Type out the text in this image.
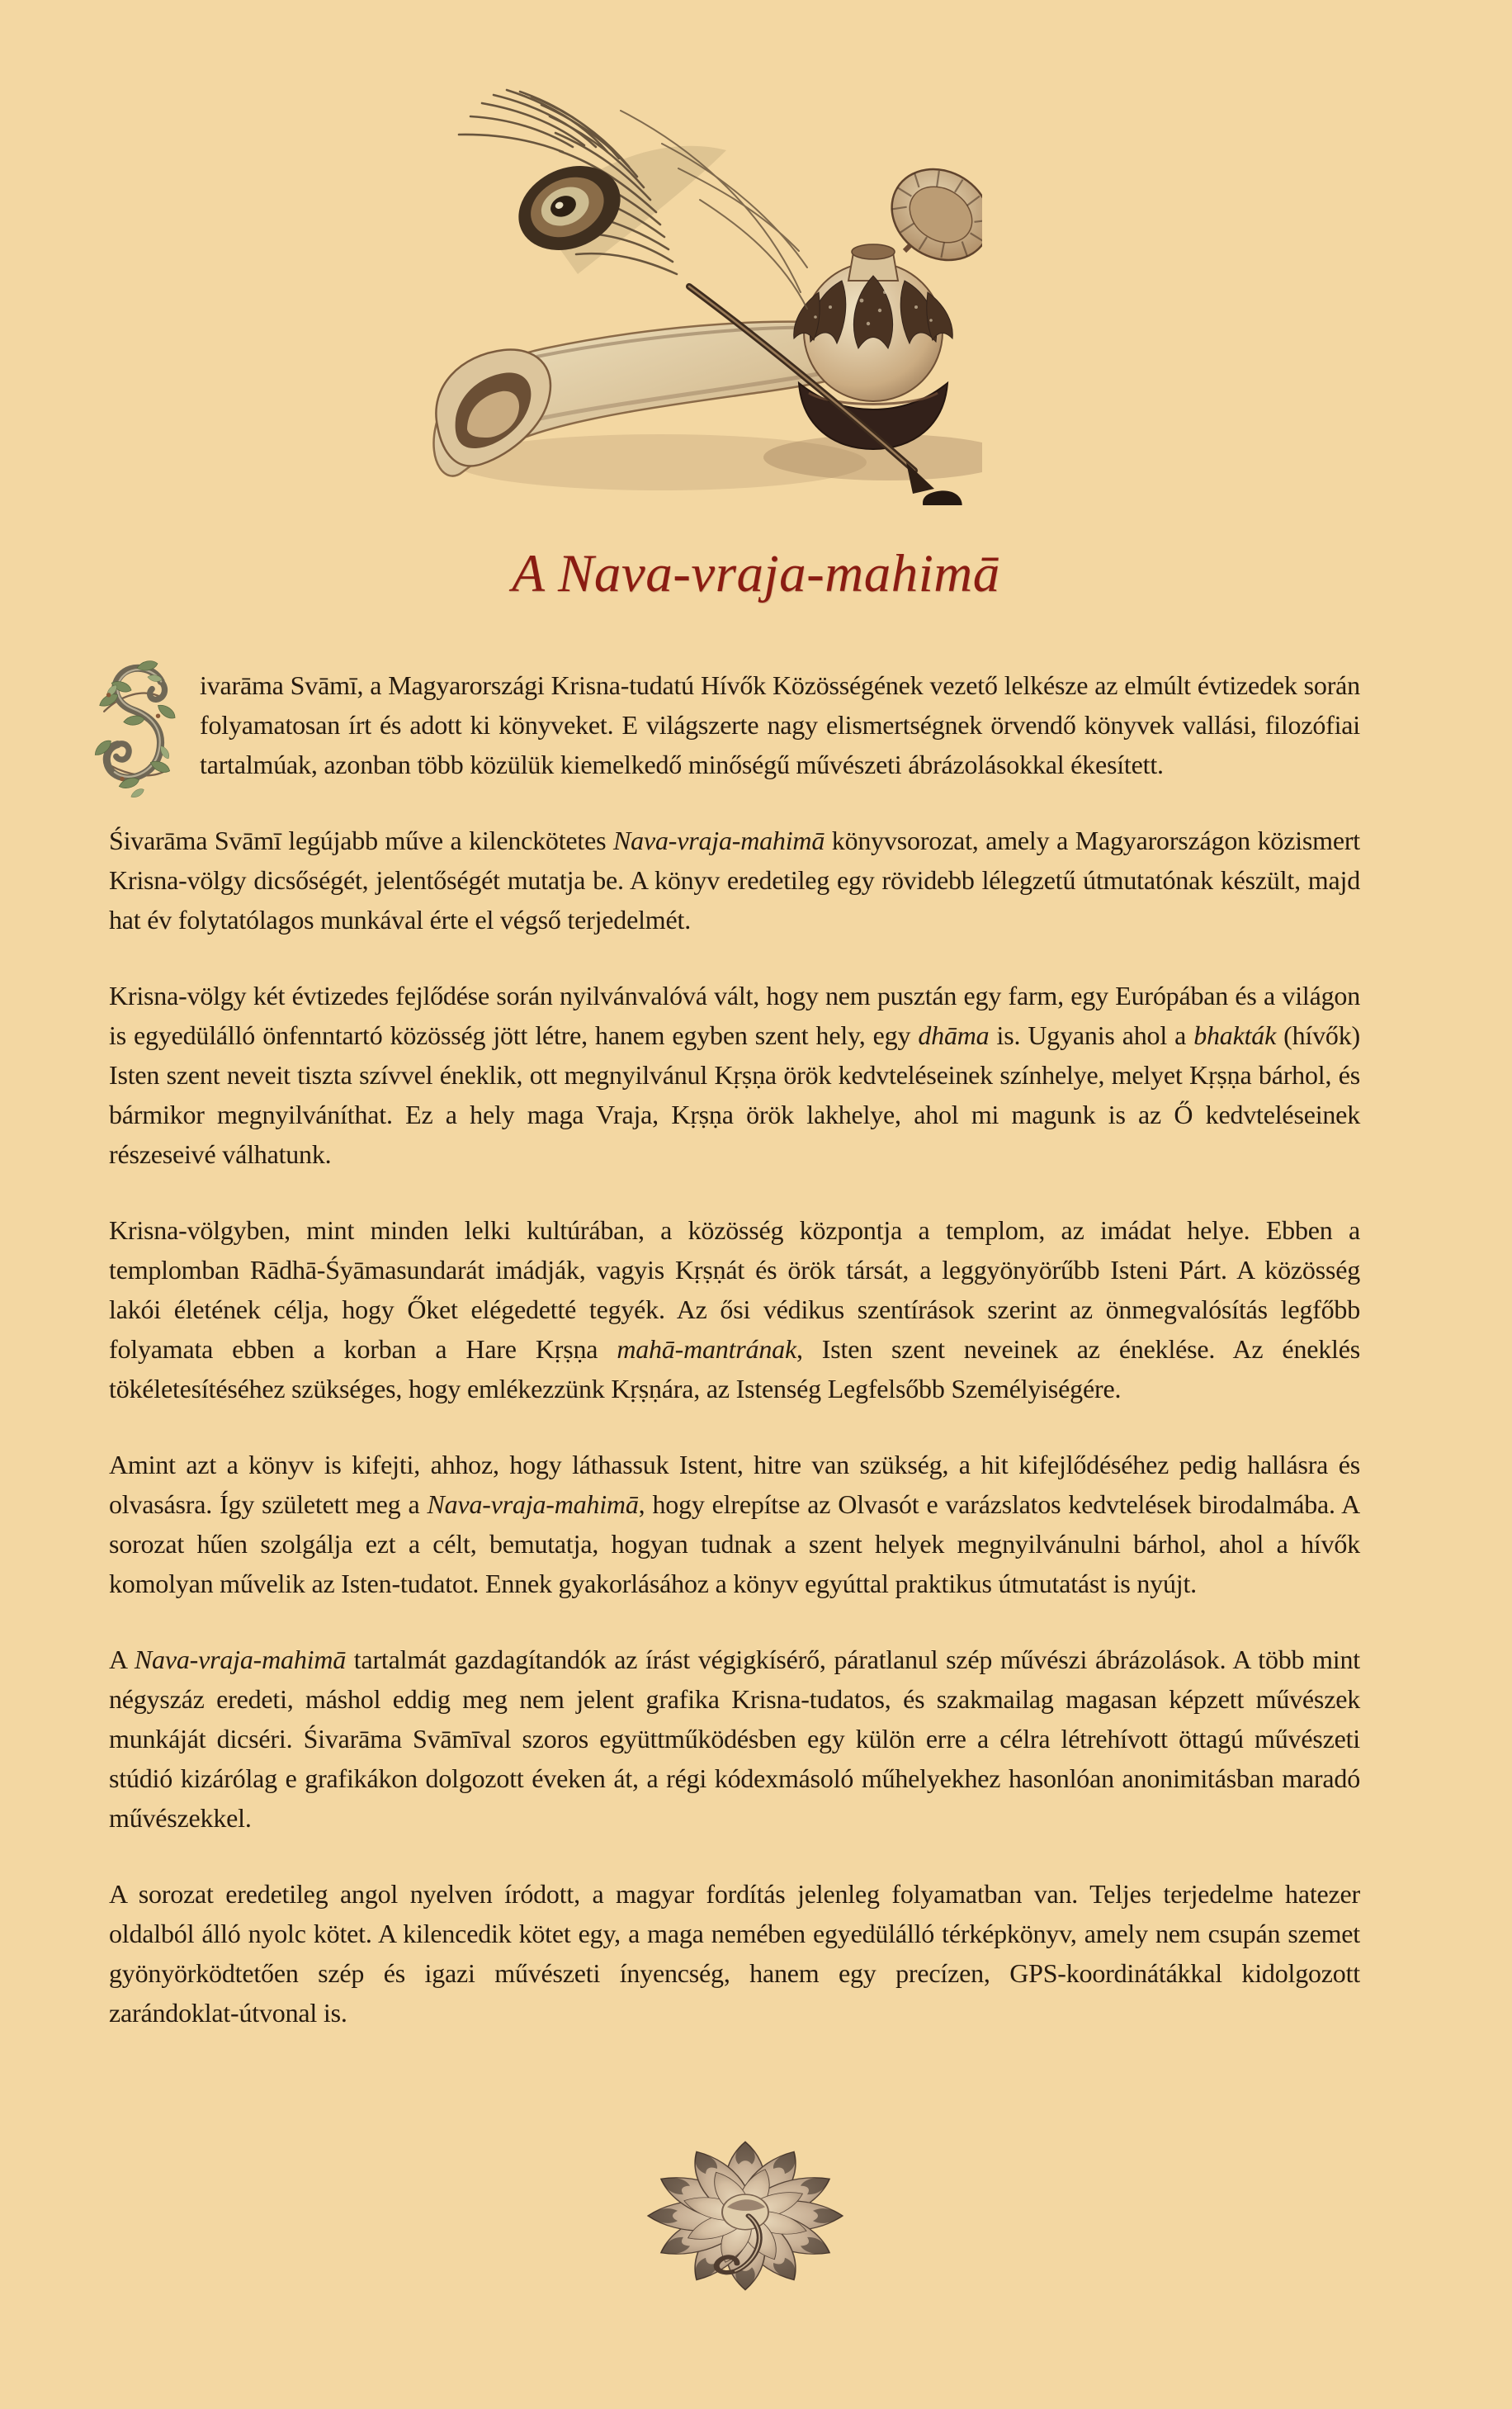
A Nava-vraja-mahimā

ivarāma Svāmī, a Magyarországi Krisna-tudatú Hívők Közösségének vezető lelkésze az elmúlt évtizedek során folyamatosan írt és adott ki könyveket. E világszerte nagy elismertségnek örvendő könyvek vallási, filozófiai tartalmúak, azonban több közülük kiemelkedő minőségű művészeti ábrázolásokkal ékesített.

Śivarāma Svāmī legújabb műve a kilenckötetes Nava-vraja-mahimā könyvsorozat, amely a Magyarországon közismert Krisna-völgy dicsőségét, jelentőségét mutatja be. A könyv eredetileg egy rövidebb lélegzetű útmutatónak készült, majd hat év folytatólagos munkával érte el végső terjedelmét.

Krisna-völgy két évtizedes fejlődése során nyilvánvalóvá vált, hogy nem pusztán egy farm, egy Európában és a világon is egyedülálló önfenntartó közösség jött létre, hanem egyben szent hely, egy dhāma is. Ugyanis ahol a bhakták (hívők) Isten szent neveit tiszta szívvel éneklik, ott megnyilvánul Kṛṣṇa örök kedvteléseinek színhelye, melyet Kṛṣṇa bárhol, és bármikor megnyilváníthat. Ez a hely maga Vraja, Kṛṣṇa örök lakhelye, ahol mi magunk is az Ő kedvteléseinek részeseivé válhatunk.

Krisna-völgyben, mint minden lelki kultúrában, a közösség központja a templom, az imádat helye. Ebben a templomban Rādhā-Śyāmasundarát imádják, vagyis Kṛṣṇát és örök társát, a leggyönyörűbb Isteni Párt. A közösség lakói életének célja, hogy Őket elégedetté tegyék. Az ősi védikus szentírások szerint az önmegvalósítás legfőbb folyamata ebben a korban a Hare Kṛṣṇa mahā-mantrának, Isten szent neveinek az éneklése. Az éneklés tökéletesítéséhez szükséges, hogy emlékezzünk Kṛṣṇára, az Istenség Legfelsőbb Személyiségére.

Amint azt a könyv is kifejti, ahhoz, hogy láthassuk Istent, hitre van szükség, a hit kifejlődéséhez pedig hallásra és olvasásra. Így született meg a Nava-vraja-mahimā, hogy elrepítse az Olvasót e varázslatos kedvtelések birodalmába. A sorozat hűen szolgálja ezt a célt, bemutatja, hogyan tudnak a szent helyek megnyilvánulni bárhol, ahol a hívők komolyan művelik az Isten-tudatot. Ennek gyakorlásához a könyv egyúttal praktikus útmutatást is nyújt.

A Nava-vraja-mahimā tartalmát gazdagítandók az írást végigkísérő, páratlanul szép művészi ábrázolások. A több mint négyszáz eredeti, máshol eddig meg nem jelent grafika Krisna-tudatos, és szakmailag magasan képzett művészek munkáját dicséri. Śivarāma Svāmīval szoros együttműködésben egy külön erre a célra létrehívott öttagú művészeti stúdió kizárólag e grafikákon dolgozott éveken át, a régi kódexmásoló műhelyekhez hasonlóan anonimitásban maradó művészekkel.

A sorozat eredetileg angol nyelven íródott, a magyar fordítás jelenleg folyamatban van. Teljes terjedelme hatezer oldalból álló nyolc kötet. A kilencedik kötet egy, a maga nemében egyedülálló térképkönyv, amely nem csupán szemet gyönyörködtetően szép és igazi művészeti ínyencség, hanem egy precízen, GPS-koordinátákkal kidolgozott zarándoklat-útvonal is.
